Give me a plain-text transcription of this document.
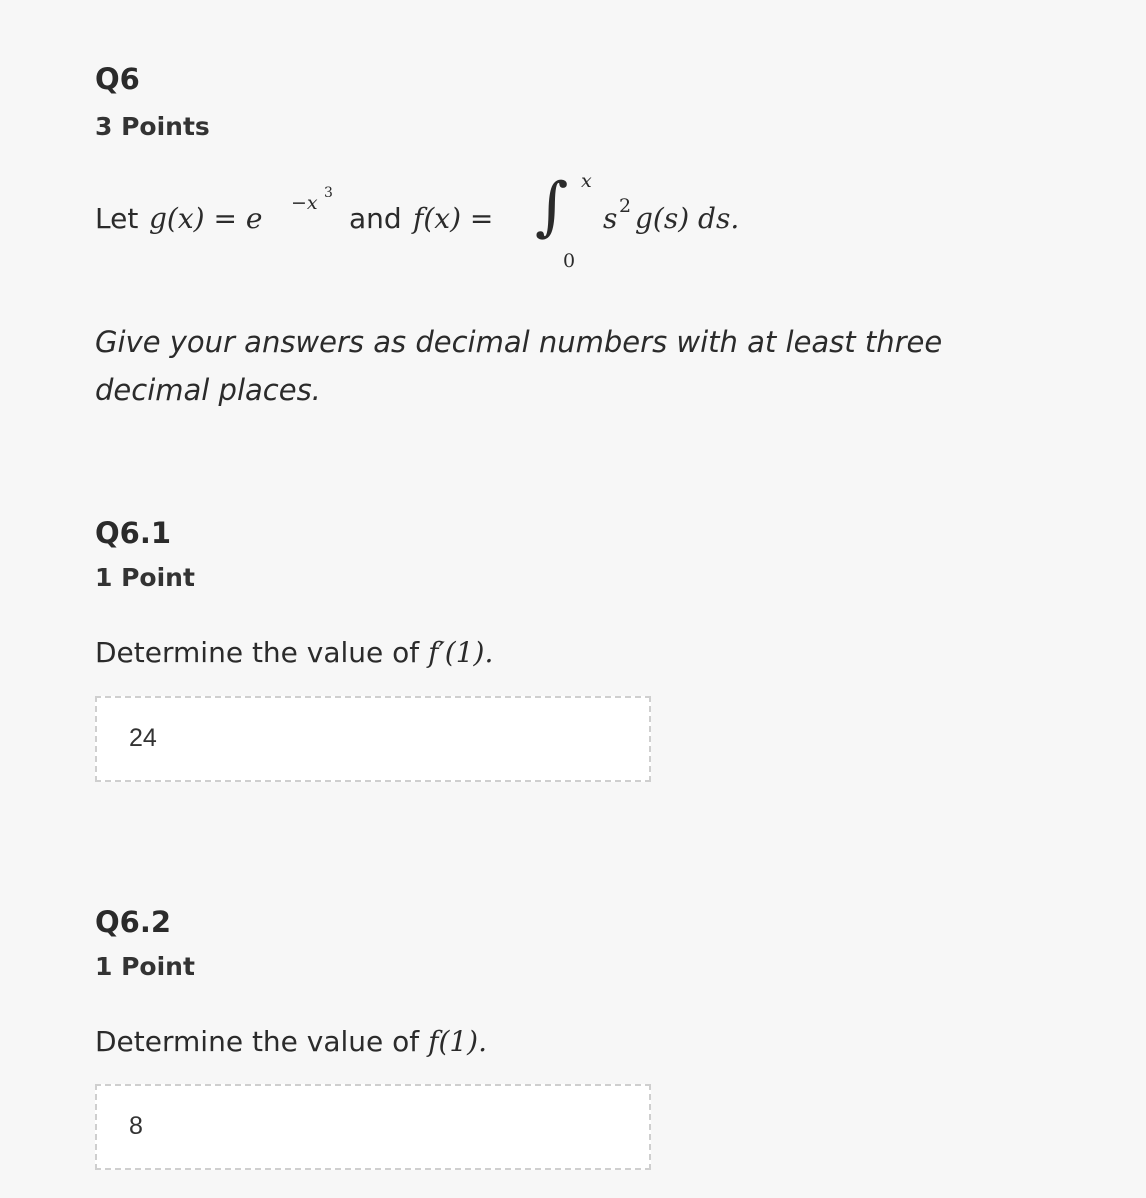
Q6
3 Points
Let g(x) = e −x 3
and f(x) = ∫ x
0
s 2 g(s) ds.
Give your answers as decimal numbers with at least three decimal places.
Q6.1
1 Point
Determine the value of f′(1).
24
Q6.2
1 Point
Determine the value of f(1).
8
